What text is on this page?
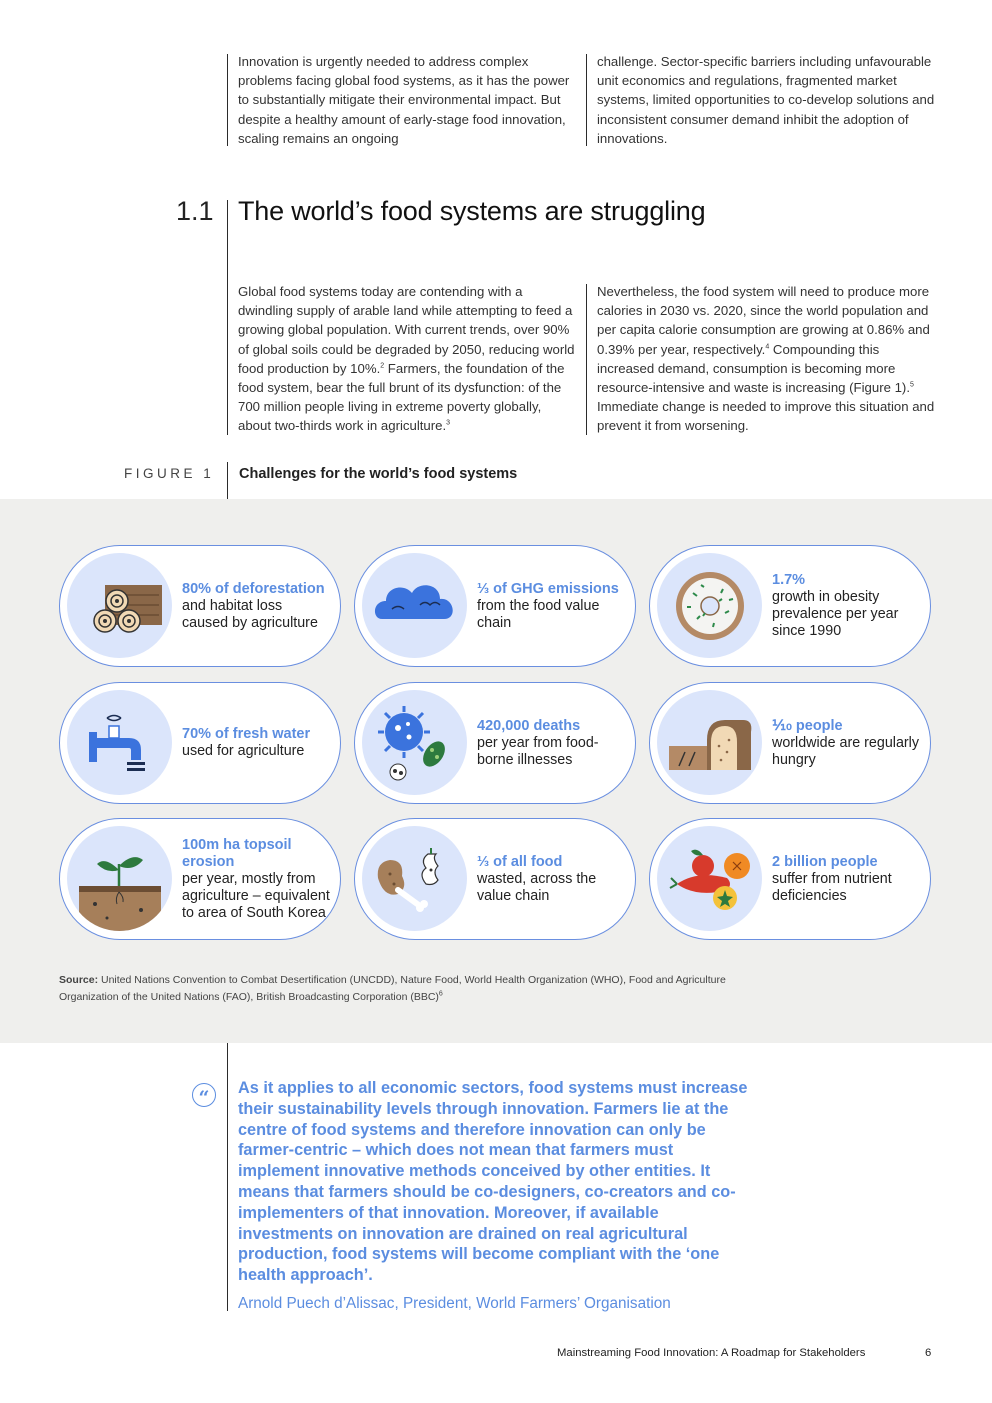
Innovation is urgently needed to address complex problems facing global food systems, as it has the power to substantially mitigate their environmental impact. But despite a healthy amount of early-stage food innovation, scaling remains an ongoing

challenge. Sector-specific barriers including unfavourable unit economics and regulations, fragmented market systems, limited opportunities to co-develop solutions and inconsistent consumer demand inhibit the adoption of innovations.

1.1 The world’s food systems are struggling

Global food systems today are contending with a dwindling supply of arable land while attempting to feed a growing global population. With current trends, over 90% of global soils could be degraded by 2050, reducing world food production by 10%.$^2$ Farmers, the foundation of the food system, bear the full brunt of its dysfunction: of the 700 million people living in extreme poverty globally, about two-thirds work in agriculture.$^3$

Nevertheless, the food system will need to produce more calories in 2030 vs. 2020, since the world population and per capita calorie consumption are growing at 0.86% and 0.39% per year, respectively.$^4$ Compounding this increased demand, consumption is becoming more resource-intensive and waste is increasing (Figure 1).$^5$ Immediate change is needed to improve this situation and prevent it from worsening.

FIGURE 1 Challenges for the world’s food systems
80% of deforestation
and habitat loss caused by agriculture
⅓ of GHG emissions
from the food value chain
1.7%
growth in obesity prevalence per year since 1990
70% of fresh water
used for agriculture
420,000 deaths
per year from food-borne illnesses
⅒ people
worldwide are regularly hungry
100m ha topsoil erosion
per year, mostly from agriculture – equivalent to area of South Korea
⅓ of all food
wasted, across the value chain
2 billion people
suffer from nutrient deficiencies
Source: United Nations Convention to Combat Desertification (UNCDD), Nature Food, World Health Organization (WHO), Food and Agriculture Organization of the United Nations (FAO), British Broadcasting Corporation (BBC)$^6$
“	As it applies to all economic sectors, food systems must increase their sustainability levels through innovation. Farmers lie at the centre of food systems and therefore innovation can only be farmer-centric – which does not mean that farmers must implement innovative methods conceived by other entities. It means that farmers should be co-designers, co-creators and co-implementers of that innovation. Moreover, if available investments on innovation are drained on real agricultural production, food systems will become compliant with the ‘one health approach’.
Arnold Puech d’Alissac, President, World Farmers’ Organisation
Mainstreaming Food Innovation: A Roadmap for Stakeholders	6
